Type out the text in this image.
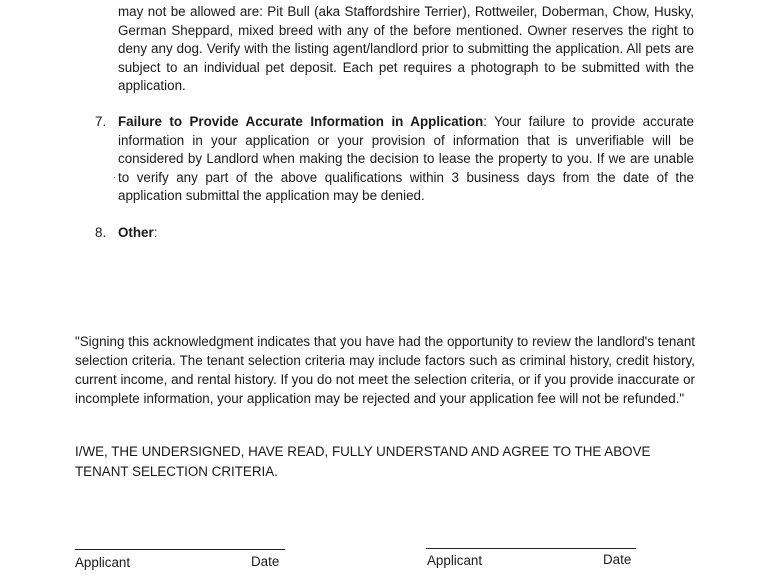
may not be allowed are: Pit Bull (aka Staffordshire Terrier), Rottweiler, Doberman, Chow, Husky, German Sheppard, mixed breed with any of the before mentioned. Owner reserves the right to deny any dog. Verify with the listing agent/landlord prior to submitting the application. All pets are subject to an individual pet deposit. Each pet requires a photograph to be submitted with the application.

7. Failure to Provide Accurate Information in Application: Your failure to provide accurate information in your application or your provision of information that is unverifiable will be considered by Landlord when making the decision to lease the property to you. If we are unable to verify any part of the above qualifications within 3 business days from the date of the application submittal the application may be denied.

·
8. Other:

"Signing this acknowledgment indicates that you have had the opportunity to review the landlord's tenant selection criteria. The tenant selection criteria may include factors such as criminal history, credit history, current income, and rental history. If you do not meet the selection criteria, or if you provide inaccurate or incomplete information, your application may be rejected and your application fee will not be refunded."

I/WE, THE UNDERSIGNED, HAVE READ, FULLY UNDERSTAND AND AGREE TO THE ABOVE TENANT SELECTION CRITERIA.

Applicant	Date	Applicant	Date
